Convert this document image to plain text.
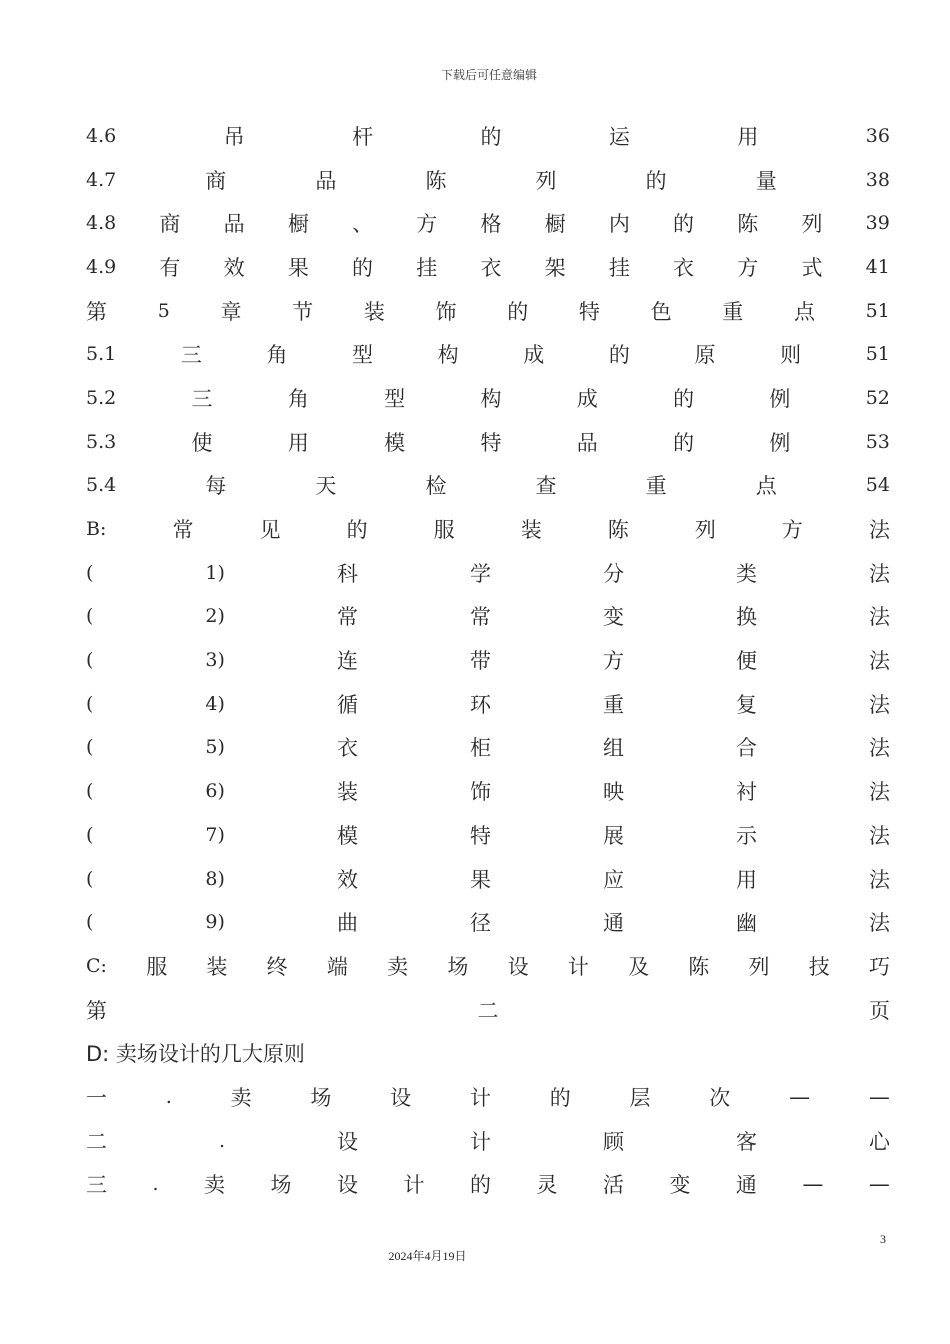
下载后可任意编辑
4.6	吊	杆	的	运	用	36
4.7	商	品	陈	列	的	量	38
4.8 商 品 橱 、 方 格 橱 内 的 陈 列 39
4.9 有 效 果 的 挂 衣 架 挂 衣 方 式 41
第	5 章 节 装 饰 的 特 色 重 点	51
5.1	三	角	型	构	成	的	原	则	51
5.2	三	角	型	构	成	的	例	52
5.3	使	用	模	特	品	的	例	53
5.4	每	天	检	查	重	点	54
B:	常	见	的	服	装	陈	列	方	法
(	1)	科	学	分	类	法
(	2)	常	常	变	换	法
(	3)	连	带	方	便	法
(	4)	循	环	重	复	法
(	5)	衣	柜	组	合	法
(	6)	装	饰	映	衬	法
(	7)	模	特	展	示	法
(	8)	效	果	应	用	法
(	9)	曲	径	通	幽	法
C: 服 装 终 端 卖 场 设 计 及 陈 列 技 巧
第	二	页
D: 卖场设计的几大原则
一	.	卖	场	设	计	的	层	次	—	—
二	.	设	计	顾	客	心
三 . 卖 场 设 计 的 灵 活 变 通 — —
3
2024年4月19日
